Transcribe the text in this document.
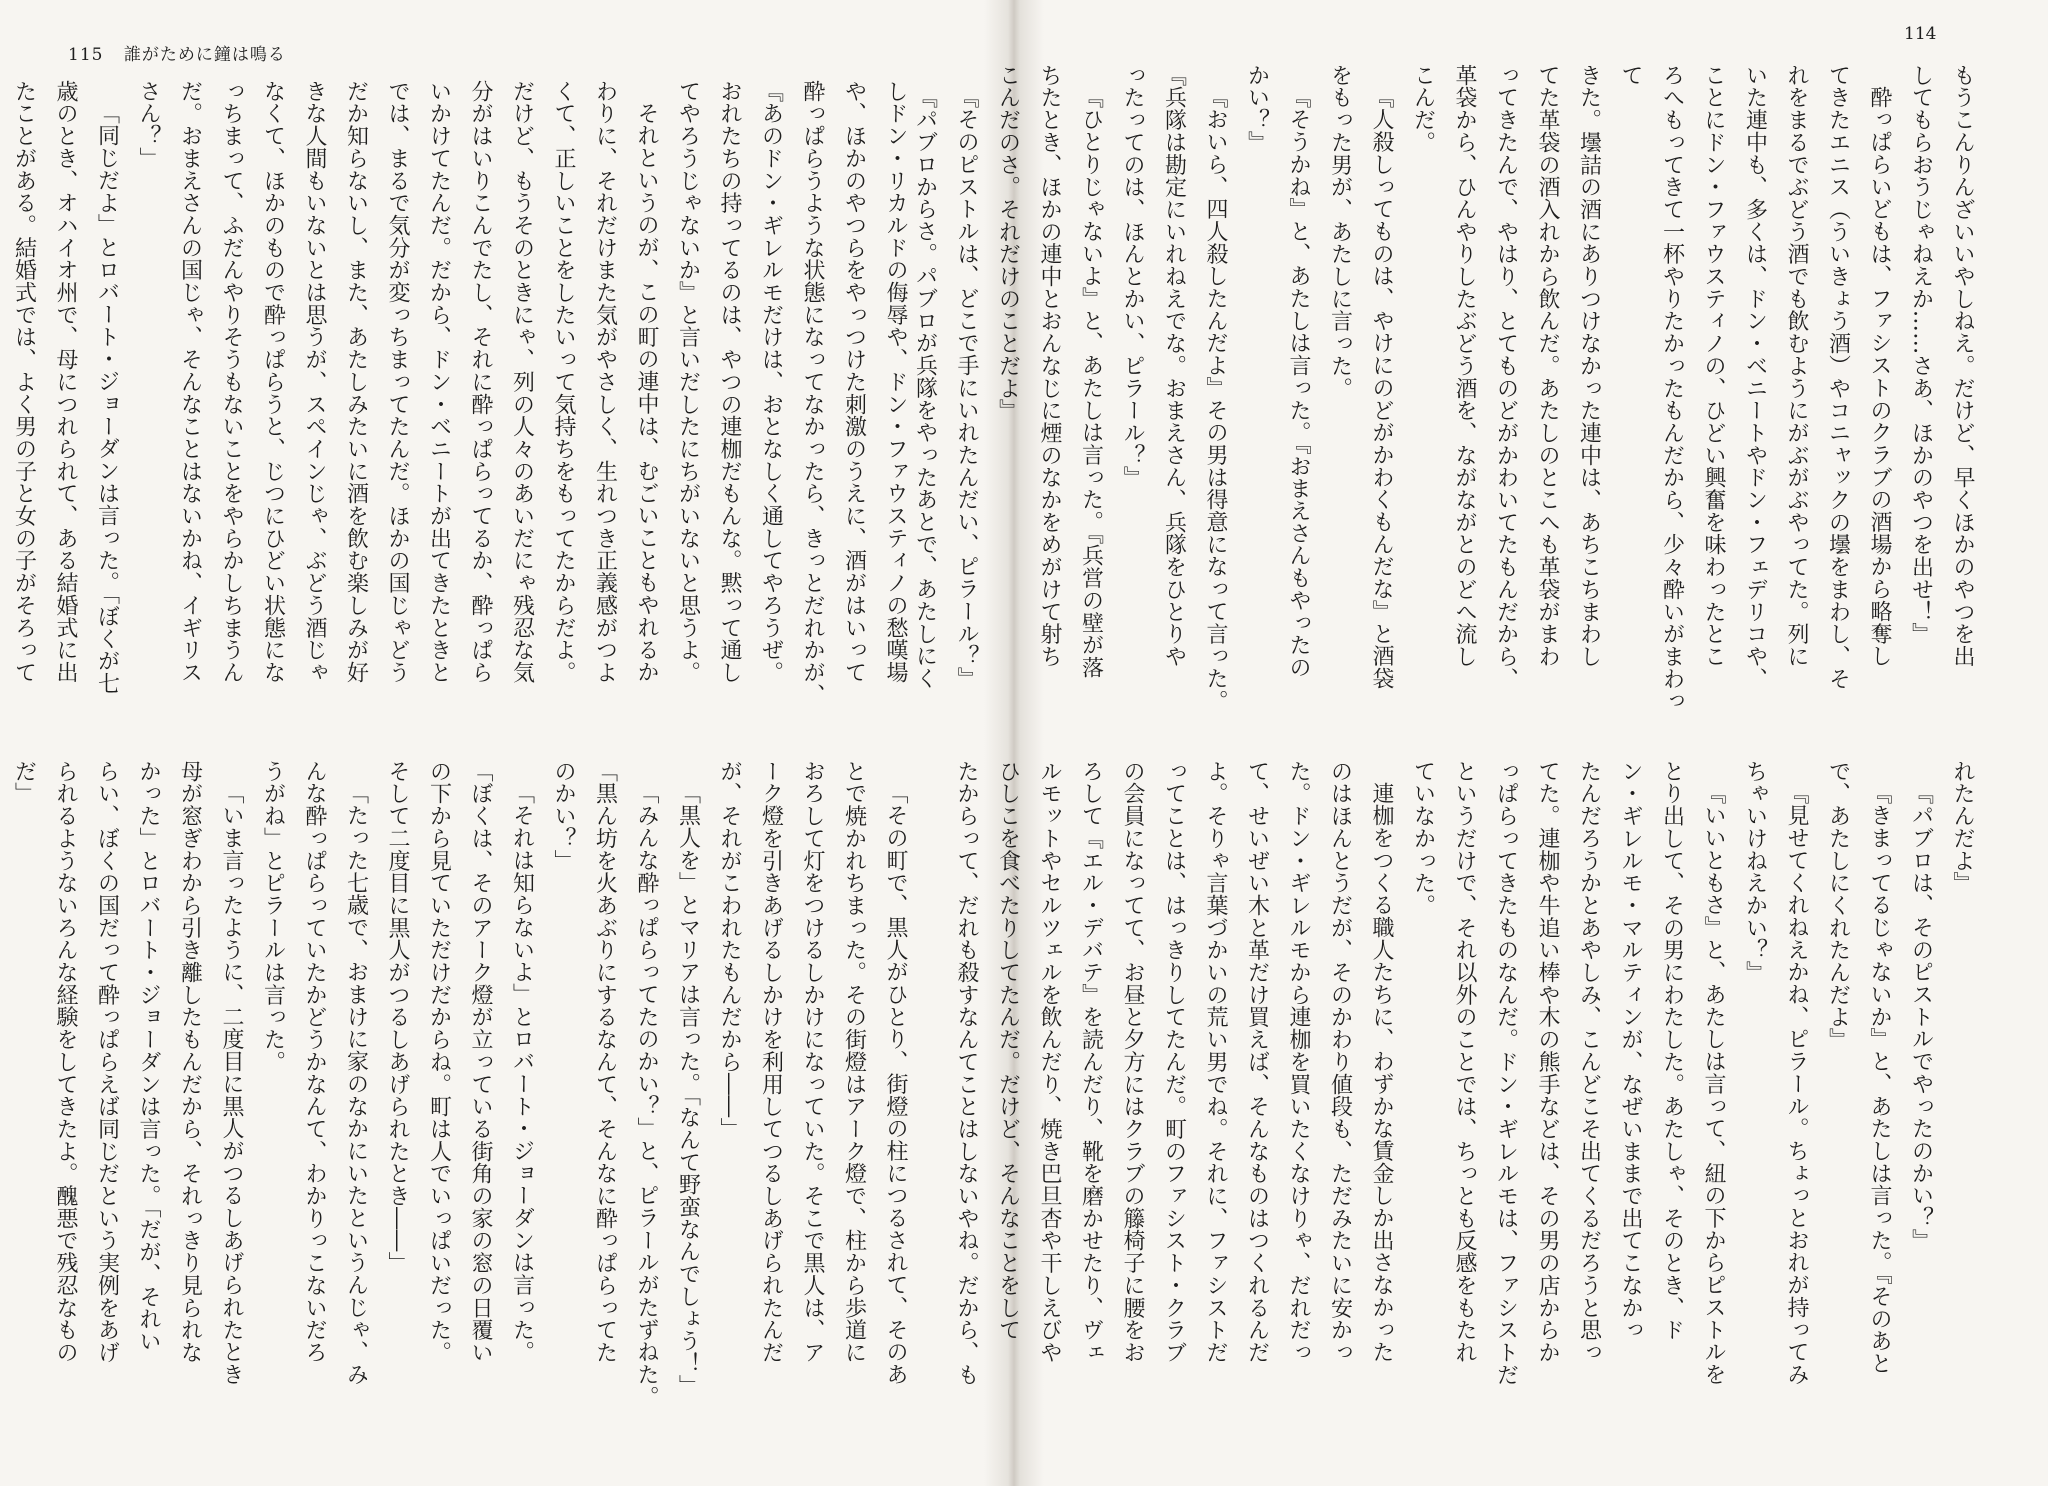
115 誰がために鐘は鳴る
114

もうこんりんざいいやしねえ。だけど、早くほかのやつを出

してもらおうじゃねえか……さあ、ほかのやつを出せ！』

酔っぱらいどもは、ファシストのクラブの酒場から略奪し

てきたエニス（ういきょう酒）やコニャックの壜をまわし、そ

れをまるでぶどう酒でも飲むようにがぶがぶやってた。列に

いた連中も、多くは、ドン・ベニートやドン・フェデリコや、

ことにドン・ファウスティノの、ひどい興奮を味わったとこ

ろへもってきて一杯やりたかったもんだから、少々酔いがまわって

きた。壜詰の酒にありつけなかった連中は、あちこちまわし

てた革袋の酒入れから飲んだ。あたしのとこへも革袋がまわ

ってきたんで、やはり、とてものどがかわいてたもんだから、

革袋から、ひんやりしたぶどう酒を、ながながとのどへ流し

こんだ。

『人殺しってものは、やけにのどがかわくもんだな』と酒袋

をもった男が、あたしに言った。

『そうかね』と、あたしは言った。『おまえさんもやったの

かい？』

『おいら、四人殺したんだよ』その男は得意になって言った。

『兵隊は勘定にいれねえでな。おまえさん、兵隊をひとりや

ったってのは、ほんとかい、ピラール？』

『ひとりじゃないよ』と、あたしは言った。『兵営の壁が落

ちたとき、ほかの連中とおんなじに煙のなかをめがけて射ち

こんだのさ。それだけのことだよ』

『そのピストルは、どこで手にいれたんだい、ピラール？』

『パブロからさ。パブロが兵隊をやったあとで、あたしにく

れたんだよ』

『パブロは、そのピストルでやったのかい？』

『きまってるじゃないか』と、あたしは言った。『そのあと

で、あたしにくれたんだよ』

『見せてくれねえかね、ピラール。ちょっとおれが持ってみ

ちゃいけねえかい？』

『いいともさ』と、あたしは言って、紐の下からピストルを

とり出して、その男にわたした。あたしゃ、そのとき、ド

ン・ギレルモ・マルティンが、なぜいままで出てこなかっ

たんだろうかとあやしみ、こんどこそ出てくるだろうと思っ

てた。連枷や牛追い棒や木の熊手などは、その男の店からか

っぱらってきたものなんだ。ドン・ギレルモは、ファシストだ

というだけで、それ以外のことでは、ちっとも反感をもたれ

ていなかった。

連枷をつくる職人たちに、わずかな賃金しか出さなかった

のはほんとうだが、そのかわり値段も、ただみたいに安かっ

た。ドン・ギレルモから連枷を買いたくなけりゃ、だれだっ

て、せいぜい木と革だけ買えば、そんなものはつくれるんだ

よ。そりゃ言葉づかいの荒い男でね。それに、ファシストだ

ってことは、はっきりしてたんだ。町のファシスト・クラブ

の会員になってて、お昼と夕方にはクラブの籐椅子に腰をお

ろして『エル・デバテ』を読んだり、靴を磨かせたり、ヴェ

ルモットやセルツェルを飲んだり、焼き巴旦杏や干しえびや

ひしこを食べたりしてたんだ。だけど、そんなことをして

たからって、だれも殺すなんてことはしないやね。だから、も

しドン・リカルドの侮辱や、ドン・ファウスティノの愁嘆場

や、ほかのやつらをやっつけた刺激のうえに、酒がはいって

酔っぱらうような状態になってなかったら、きっとだれかが、

『あのドン・ギレルモだけは、おとなしく通してやろうぜ。

おれたちの持ってるのは、やつの連枷だもんな。黙って通し

てやろうじゃないか』と言いだしたにちがいないと思うよ。

それというのが、この町の連中は、むごいこともやれるか

わりに、それだけまた気がやさしく、生れつき正義感がつよ

くて、正しいことをしたいって気持ちをもってたからだよ。

だけど、もうそのときにゃ、列の人々のあいだにゃ残忍な気

分がはいりこんでたし、それに酔っぱらってるか、酔っぱら

いかけてたんだ。だから、ドン・ベニートが出てきたときと

では、まるで気分が変っちまってたんだ。ほかの国じゃどう

だか知らないし、また、あたしみたいに酒を飲む楽しみが好

きな人間もいないとは思うが、スペインじゃ、ぶどう酒じゃ

なくて、ほかのもので酔っぱらうと、じつにひどい状態にな

っちまって、ふだんやりそうもないことをやらかしちまうん

だ。おまえさんの国じゃ、そんなことはないかね、イギリス

さん？」

「同じだよ」とロバート・ジョーダンは言った。「ぼくが七

歳のとき、オハイオ州で、母につれられて、ある結婚式に出

たことがある。結婚式では、よく男の子と女の子がそろって

「その町で、黒人がひとり、街燈の柱につるされて、そのあ

とで焼かれちまった。その街燈はアーク燈で、柱から歩道に

おろして灯をつけるしかけになっていた。そこで黒人は、ア

ーク燈を引きあげるしかけを利用してつるしあげられたんだ

が、それがこわれたもんだから――」

「黒人を」とマリアは言った。「なんて野蛮なんでしょう！」

「みんな酔っぱらってたのかい？」と、ピラールがたずねた。

「黒ん坊を火あぶりにするなんて、そんなに酔っぱらってた

のかい？」

「それは知らないよ」とロバート・ジョーダンは言った。

「ぼくは、そのアーク燈が立っている街角の家の窓の日覆い

の下から見ていただけだからね。町は人でいっぱいだった。

そして二度目に黒人がつるしあげられたとき――」

「たった七歳で、おまけに家のなかにいたというんじゃ、み

んな酔っぱらっていたかどうかなんて、わかりっこないだろ

うがね」とピラールは言った。

「いま言ったように、二度目に黒人がつるしあげられたとき

母が窓ぎわから引き離したもんだから、それっきり見られな

かった」とロバート・ジョーダンは言った。「だが、それい

らい、ぼくの国だって酔っぱらえば同じだという実例をあげ

られるようないろんな経験をしてきたよ。醜悪で残忍なもの

だ」
